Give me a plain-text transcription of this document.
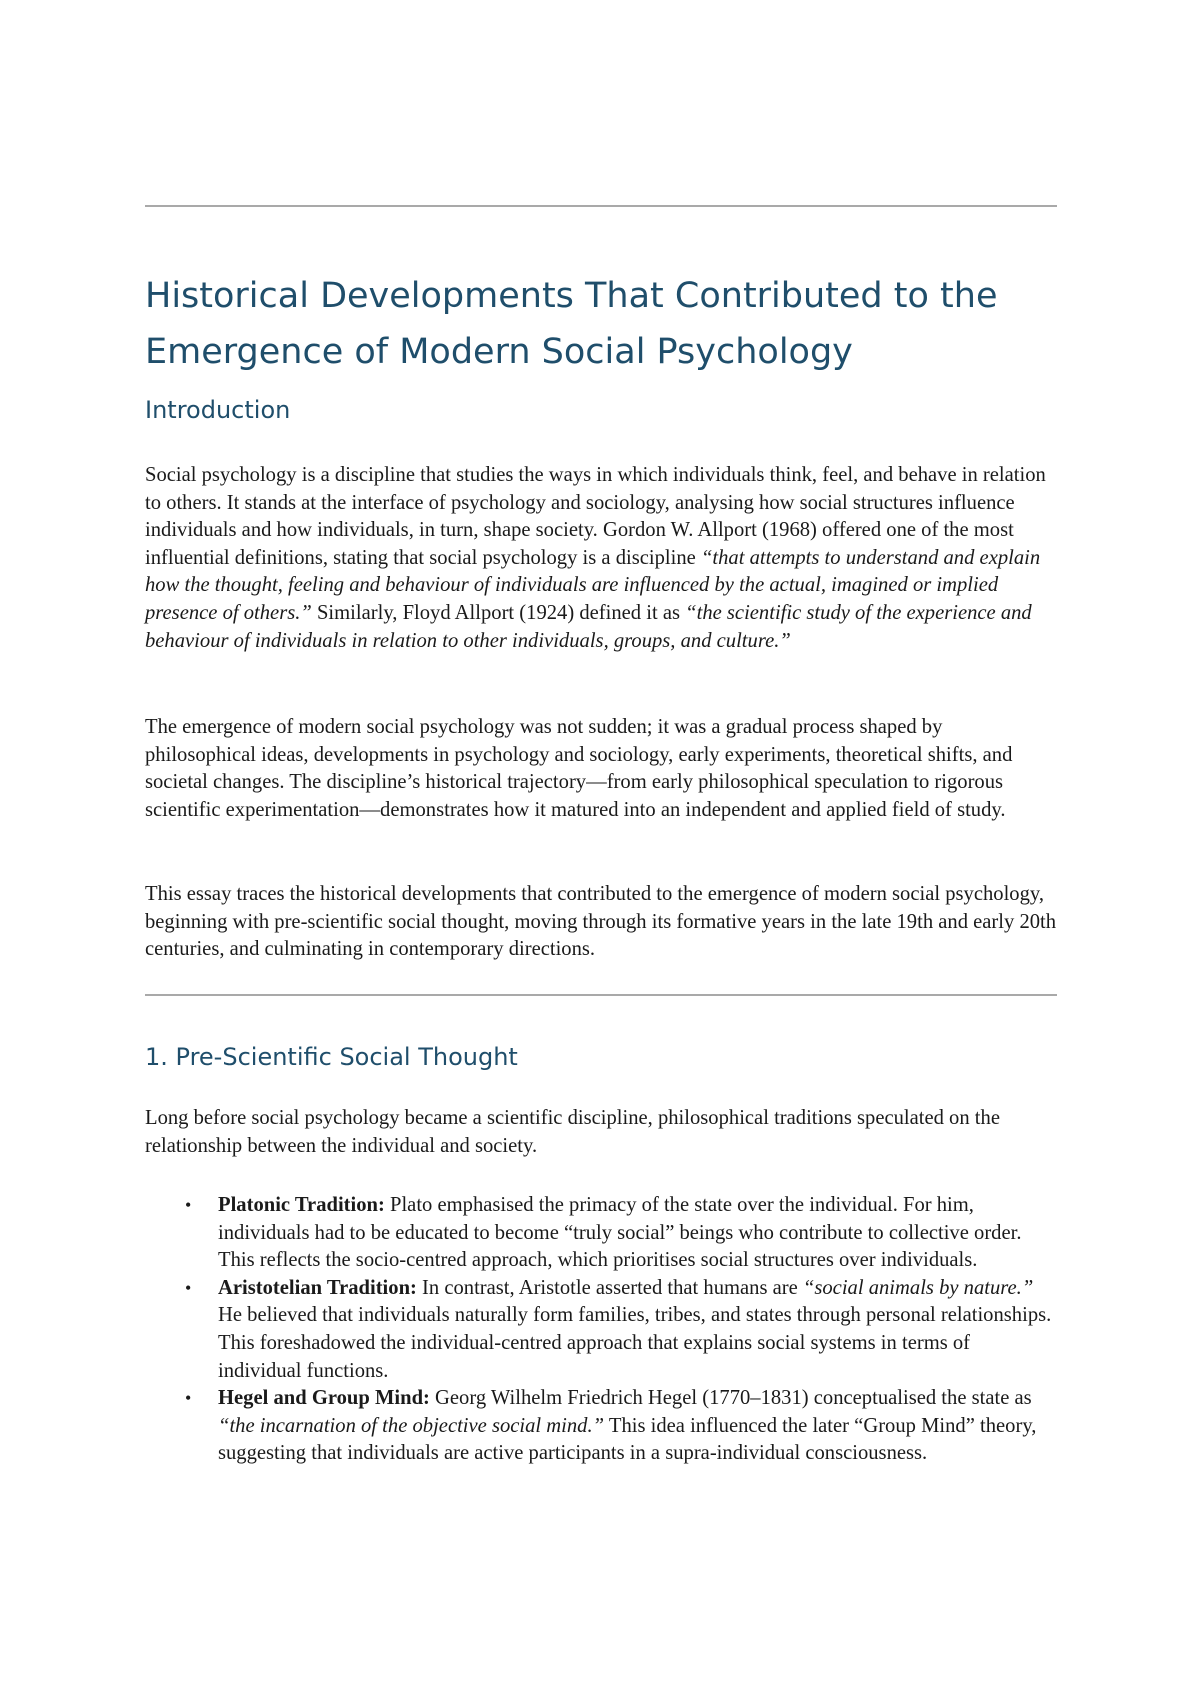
Historical Developments That Contributed to the Emergence of Modern Social Psychology
Introduction

Social psychology is a discipline that studies the ways in which individuals think, feel, and behave in relation to others. It stands at the interface of psychology and sociology, analysing how social structures influence individuals and how individuals, in turn, shape society. Gordon W. Allport (1968) offered one of the most influential definitions, stating that social psychology is a discipline “that attempts to understand and explain how the thought, feeling and behaviour of individuals are influenced by the actual, imagined or implied presence of others.” Similarly, Floyd Allport (1924) defined it as “the scientific study of the experience and behaviour of individuals in relation to other individuals, groups, and culture.”

The emergence of modern social psychology was not sudden; it was a gradual process shaped by philosophical ideas, developments in psychology and sociology, early experiments, theoretical shifts, and societal changes. The discipline’s historical trajectory—from early philosophical speculation to rigorous scientific experimentation—demonstrates how it matured into an independent and applied field of study.

This essay traces the historical developments that contributed to the emergence of modern social psychology, beginning with pre-scientific social thought, moving through its formative years in the late 19th and early 20th centuries, and culminating in contemporary directions.

1. Pre-Scientific Social Thought

Long before social psychology became a scientific discipline, philosophical traditions speculated on the relationship between the individual and society.

• Platonic Tradition: Plato emphasised the primacy of the state over the individual. For him, individuals had to be educated to become “truly social” beings who contribute to collective order. This reflects the socio-centred approach, which prioritises social structures over individuals.
• Aristotelian Tradition: In contrast, Aristotle asserted that humans are “social animals by nature.” He believed that individuals naturally form families, tribes, and states through personal relationships. This foreshadowed the individual-centred approach that explains social systems in terms of individual functions.
• Hegel and Group Mind: Georg Wilhelm Friedrich Hegel (1770–1831) conceptualised the state as “the incarnation of the objective social mind.” This idea influenced the later “Group Mind” theory, suggesting that individuals are active participants in a supra-individual consciousness.
